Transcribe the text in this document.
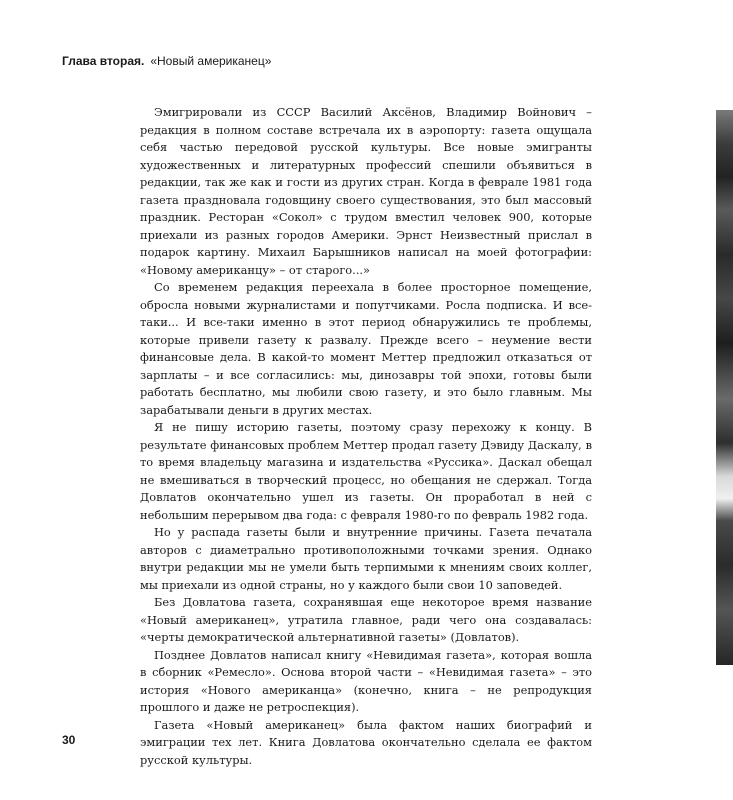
Глава вторая. «Новый американец»

Эмигрировали из СССР Василий Аксёнов, Владимир Войнович – редакция в полном составе встречала их в аэропорту: газета ощущала себя частью передовой русской культуры. Все новые эмигранты художественных и литературных профессий спешили объявиться в редакции, так же как и гости из других стран. Когда в феврале 1981 года газета праздновала годовщину своего существования, это был массовый праздник. Ресторан «Сокол» с трудом вместил человек 900, которые приехали из разных городов Америки. Эрнст Неизвестный прислал в подарок картину. Михаил Барышников написал на моей фотографии: «Новому американцу» – от старого...»

Со временем редакция переехала в более просторное помещение, обросла новыми журналистами и попутчиками. Росла подписка. И все-таки... И все-таки именно в этот период обнаружились те проблемы, которые привели газету к развалу. Прежде всего – неумение вести финансовые дела. В какой-то момент Меттер предложил отказаться от зарплаты – и все согласились: мы, динозавры той эпохи, готовы были работать бесплатно, мы любили свою газету, и это было главным. Мы зарабатывали деньги в других местах.

Я не пишу историю газеты, поэтому сразу перехожу к концу. В результате финансовых проблем Меттер продал газету Дэвиду Даскалу, в то время владельцу магазина и издательства «Руссика». Даскал обещал не вмешиваться в творческий процесс, но обещания не сдержал. Тогда Довлатов окончательно ушел из газеты. Он проработал в ней с небольшим перерывом два года: с февраля 1980-го по февраль 1982 года.

Но у распада газеты были и внутренние причины. Газета печатала авторов с диаметрально противоположными точками зрения. Однако внутри редакции мы не умели быть терпимыми к мнениям своих коллег, мы приехали из одной страны, но у каждого были свои 10 заповедей.

Без Довлатова газета, сохранявшая еще некоторое время название «Новый американец», утратила главное, ради чего она создавалась: «черты демократической альтернативной газеты» (Довлатов).

Позднее Довлатов написал книгу «Невидимая газета», которая вошла в сборник «Ремесло». Основа второй части – «Невидимая газета» – это история «Нового американца» (конечно, книга – не репродукция прошлого и даже не ретроспекция).

Газета «Новый американец» была фактом наших биографий и эмиграции тех лет. Книга Довлатова окончательно сделала ее фактом русской культуры.

30
